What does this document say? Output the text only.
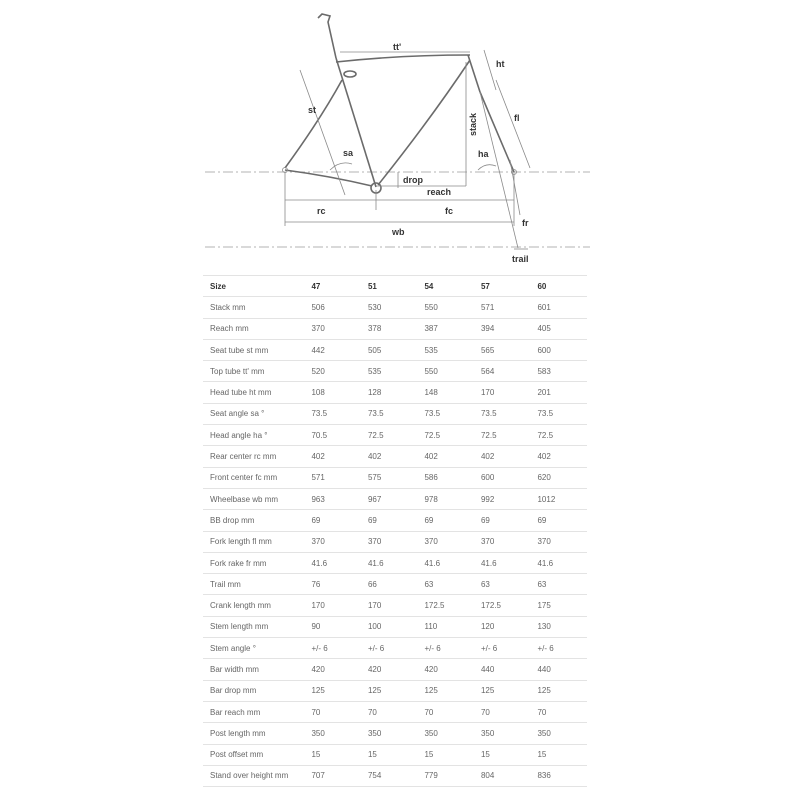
tt'
ht
st
stack	fl
sa	ha
drop
reach
rc	fc
fr
wb
trail
Size	47	51	54	57	60
Stack mm	506	530	550	571	601
Reach mm	370	378	387	394	405
Seat tube st mm	442	505	535	565	600
Top tube tt' mm	520	535	550	564	583
Head tube ht mm	108	128	148	170	201
Seat angle sa °	73.5	73.5	73.5	73.5	73.5
Head angle ha °	70.5	72.5	72.5	72.5	72.5
Rear center rc mm	402	402	402	402	402
Front center fc mm	571	575	586	600	620
Wheelbase wb mm	963	967	978	992	1012
BB drop mm	69	69	69	69	69
Fork length fl mm	370	370	370	370	370
Fork rake fr mm	41.6	41.6	41.6	41.6	41.6
Trail mm	76	66	63	63	63
Crank length mm	170	170	172.5	172.5	175
Stem length mm	90	100	110	120	130
Stem angle °	+/- 6	+/- 6	+/- 6	+/- 6	+/- 6
Bar width mm	420	420	420	440	440
Bar drop mm	125	125	125	125	125
Bar reach mm	70	70	70	70	70
Post length mm	350	350	350	350	350
Post offset mm	15	15	15	15	15
Stand over height mm	707	754	779	804	836
